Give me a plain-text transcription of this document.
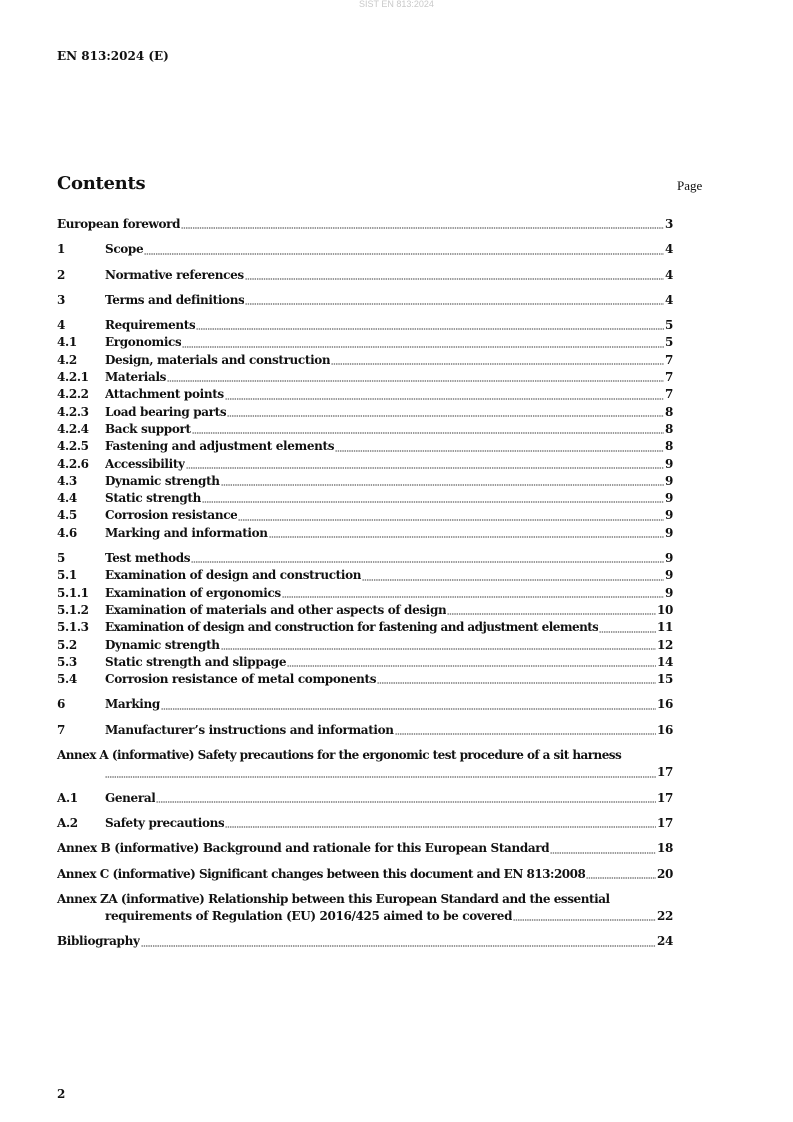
SIST EN 813:2024
EN 813:2024 (E)
Contents	Page
European foreword	3
1	Scope	4
2	Normative references	4
3	Terms and definitions	4
4	Requirements	5
4.1	Ergonomics	5
4.2	Design, materials and construction	7
4.2.1	Materials	7
4.2.2	Attachment points	7
4.2.3	Load bearing parts	8
4.2.4	Back support	8
4.2.5	Fastening and adjustment elements	8
4.2.6	Accessibility	9
4.3	Dynamic strength	9
4.4	Static strength	9
4.5	Corrosion resistance	9
4.6	Marking and information	9
5	Test methods	9
5.1	Examination of design and construction	9
5.1.1	Examination of ergonomics	9
5.1.2	Examination of materials and other aspects of design	10
5.1.3	Examination of design and construction for fastening and adjustment elements	11
5.2	Dynamic strength	12
5.3	Static strength and slippage	14
5.4	Corrosion resistance of metal components	15
6	Marking	16
7	Manufacturer’s instructions and information	16
Annex A (informative) Safety precautions for the ergonomic test procedure of a sit harness
17
A.1	General	17
A.2	Safety precautions	17
Annex B (informative) Background and rationale for this European Standard	18
Annex C (informative) Significant changes between this document and EN 813:2008	20
Annex ZA (informative) Relationship between this European Standard and the essential
requirements of Regulation (EU) 2016/425 aimed to be covered	22
Bibliography	24
2
